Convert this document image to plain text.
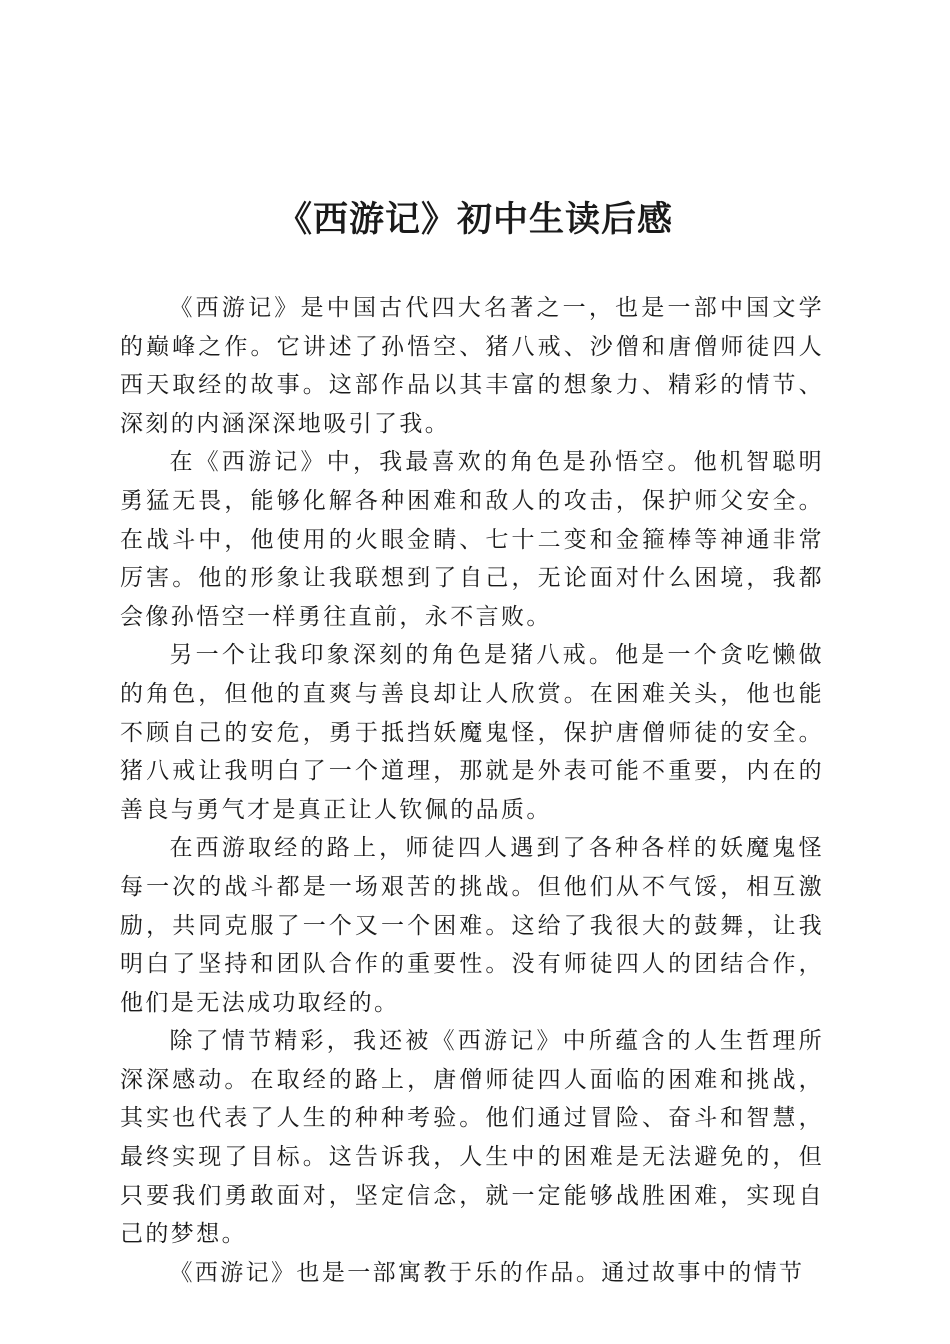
《西游记》初中生读后感

《西游记》是中国古代四大名著之一，也是一部中国文学的巅峰之作。它讲述了孙悟空、猪八戒、沙僧和唐僧师徒四人西天取经的故事。这部作品以其丰富的想象力、精彩的情节、深刻的内涵深深地吸引了我。

在《西游记》中，我最喜欢的角色是孙悟空。他机智聪明勇猛无畏，能够化解各种困难和敌人的攻击，保护师父安全。在战斗中，他使用的火眼金睛、七十二变和金箍棒等神通非常厉害。他的形象让我联想到了自己，无论面对什么困境，我都会像孙悟空一样勇往直前，永不言败。

另一个让我印象深刻的角色是猪八戒。他是一个贪吃懒做的角色，但他的直爽与善良却让人欣赏。在困难关头，他也能不顾自己的安危，勇于抵挡妖魔鬼怪，保护唐僧师徒的安全。猪八戒让我明白了一个道理，那就是外表可能不重要，内在的善良与勇气才是真正让人钦佩的品质。

在西游取经的路上，师徒四人遇到了各种各样的妖魔鬼怪每一次的战斗都是一场艰苦的挑战。但他们从不气馁，相互激励，共同克服了一个又一个困难。这给了我很大的鼓舞，让我明白了坚持和团队合作的重要性。没有师徒四人的团结合作，他们是无法成功取经的。

除了情节精彩，我还被《西游记》中所蕴含的人生哲理所深深感动。在取经的路上，唐僧师徒四人面临的困难和挑战，其实也代表了人生的种种考验。他们通过冒险、奋斗和智慧，最终实现了目标。这告诉我，人生中的困难是无法避免的，但只要我们勇敢面对，坚定信念，就一定能够战胜困难，实现自己的梦想。

《西游记》也是一部寓教于乐的作品。通过故事中的情节
